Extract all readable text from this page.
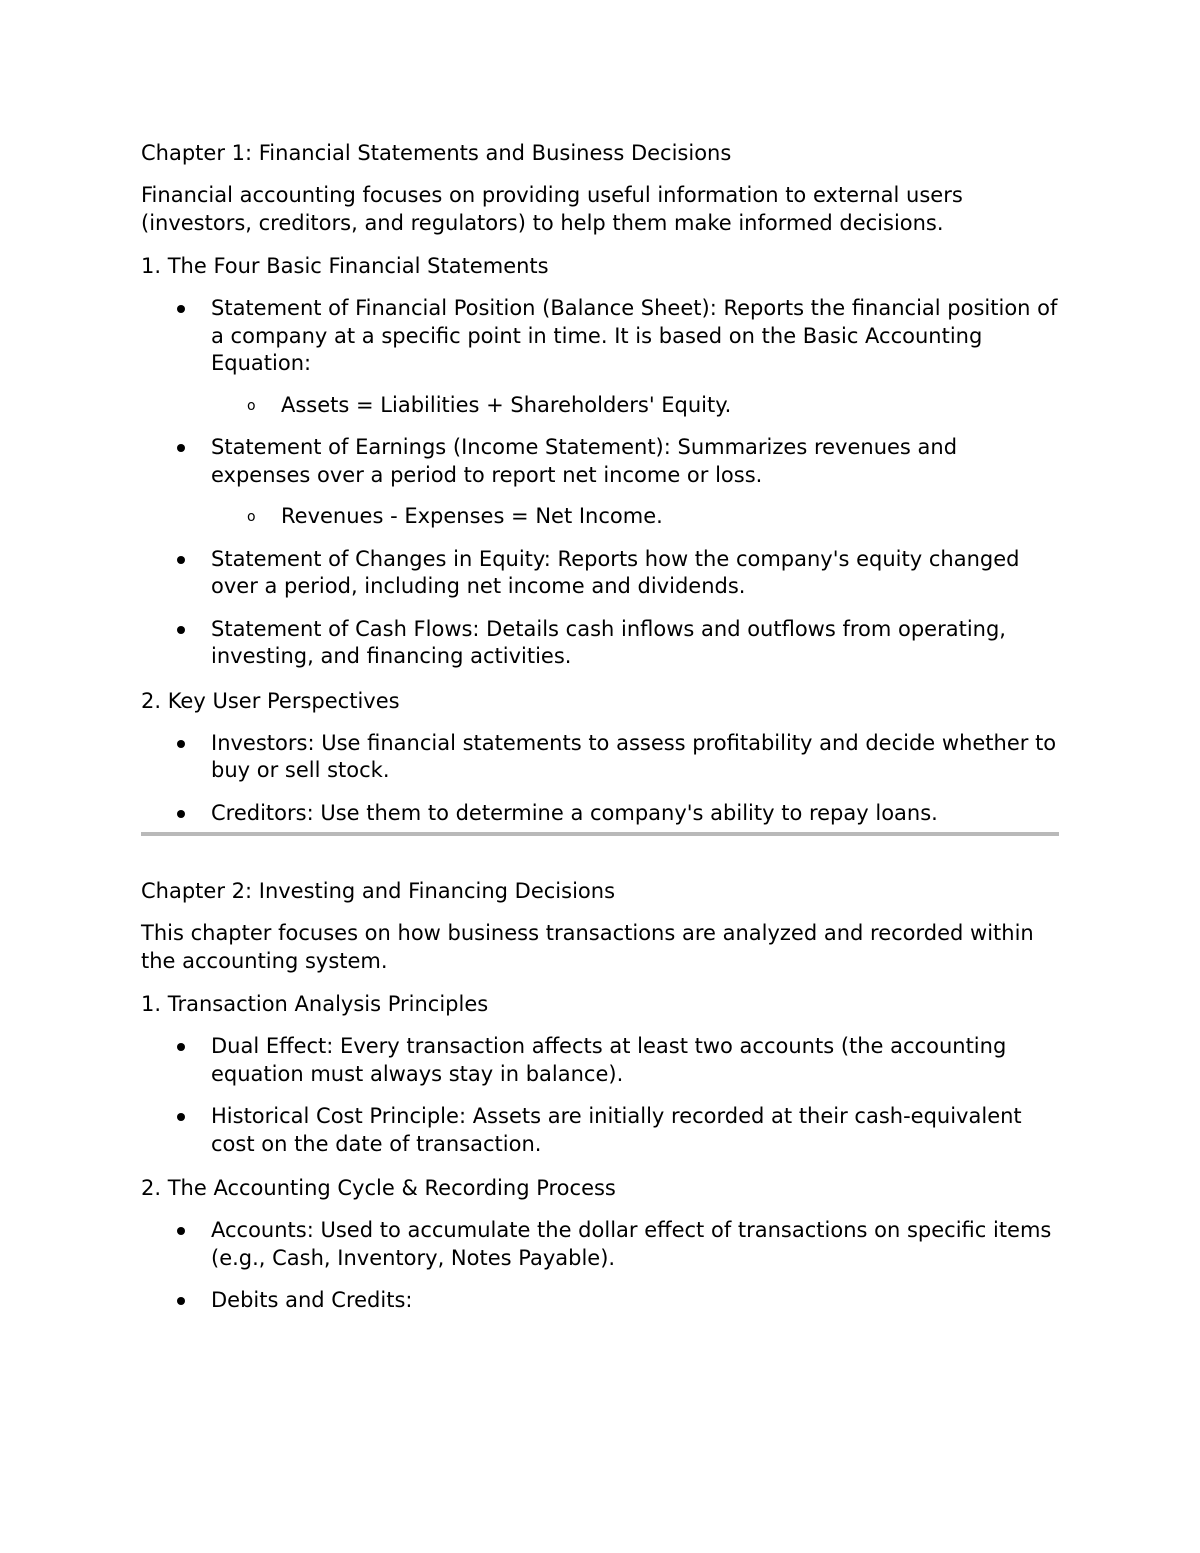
Chapter 1: Financial Statements and Business Decisions

Financial accounting focuses on providing useful information to external users (investors, creditors, and regulators) to help them make informed decisions.

1. The Four Basic Financial Statements

Statement of Financial Position (Balance Sheet): Reports the financial position of a company at a specific point in time. It is based on the Basic Accounting Equation:
o Assets = Liabilities + Shareholders' Equity.
Statement of Earnings (Income Statement): Summarizes revenues and expenses over a period to report net income or loss.
o Revenues - Expenses = Net Income.
Statement of Changes in Equity: Reports how the company's equity changed over a period, including net income and dividends.
Statement of Cash Flows: Details cash inflows and outflows from operating, investing, and financing activities.

2. Key User Perspectives

Investors: Use financial statements to assess profitability and decide whether to buy or sell stock.
Creditors: Use them to determine a company's ability to repay loans.

Chapter 2: Investing and Financing Decisions

This chapter focuses on how business transactions are analyzed and recorded within the accounting system.

1. Transaction Analysis Principles

Dual Effect: Every transaction affects at least two accounts (the accounting equation must always stay in balance).
Historical Cost Principle: Assets are initially recorded at their cash-equivalent cost on the date of transaction.

2. The Accounting Cycle & Recording Process

Accounts: Used to accumulate the dollar effect of transactions on specific items (e.g., Cash, Inventory, Notes Payable).
Debits and Credits:
